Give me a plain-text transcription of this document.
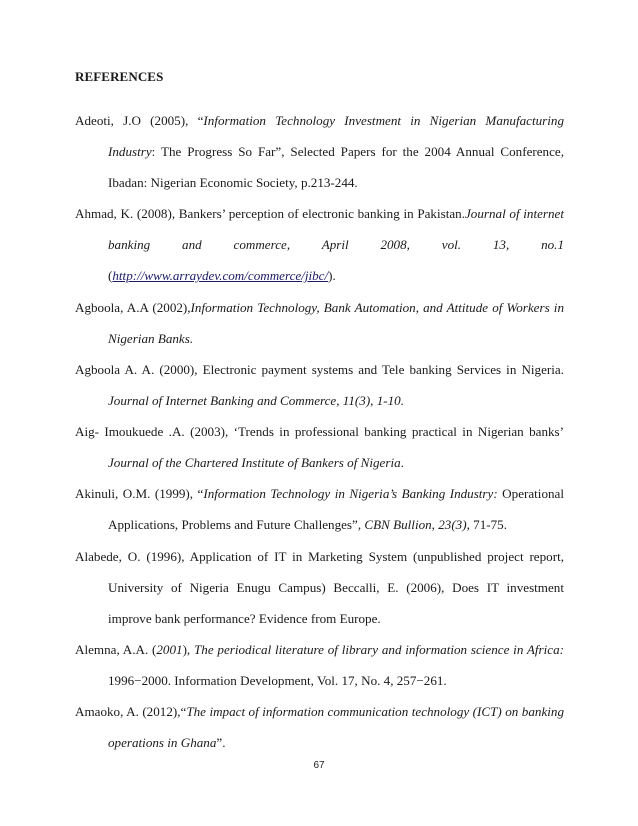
REFERENCES

Adeoti, J.O (2005), “Information Technology Investment in Nigerian Manufacturing Industry: The Progress So Far”, Selected Papers for the 2004 Annual Conference, Ibadan: Nigerian Economic Society, p.213-244.

Ahmad, K. (2008), Bankers’ perception of electronic banking in Pakistan.Journal of internet banking and commerce, April 2008, vol. 13, no.1 (http://www.arraydev.com/commerce/jibc/).

Agboola, A.A (2002),Information Technology, Bank Automation, and Attitude of Workers in Nigerian Banks.

Agboola A. A. (2000), Electronic payment systems and Tele banking Services in Nigeria. Journal of Internet Banking and Commerce, 11(3), 1-10.

Aig- Imoukuede .A. (2003), ‘Trends in professional banking practical in Nigerian banks’ Journal of the Chartered Institute of Bankers of Nigeria.

Akinuli, O.M. (1999), “Information Technology in Nigeria’s Banking Industry: Operational Applications, Problems and Future Challenges”, CBN Bullion, 23(3), 71-75.

Alabede, O. (1996), Application of IT in Marketing System (unpublished project report, University of Nigeria Enugu Campus) Beccalli, E. (2006), Does IT investment improve bank performance? Evidence from Europe.

Alemna, A.A. (2001), The periodical literature of library and information science in Africa: 1996−2000. Information Development, Vol. 17, No. 4, 257−261.

Amaoko, A. (2012),“The impact of information communication technology (ICT) on banking operations in Ghana”.

67
